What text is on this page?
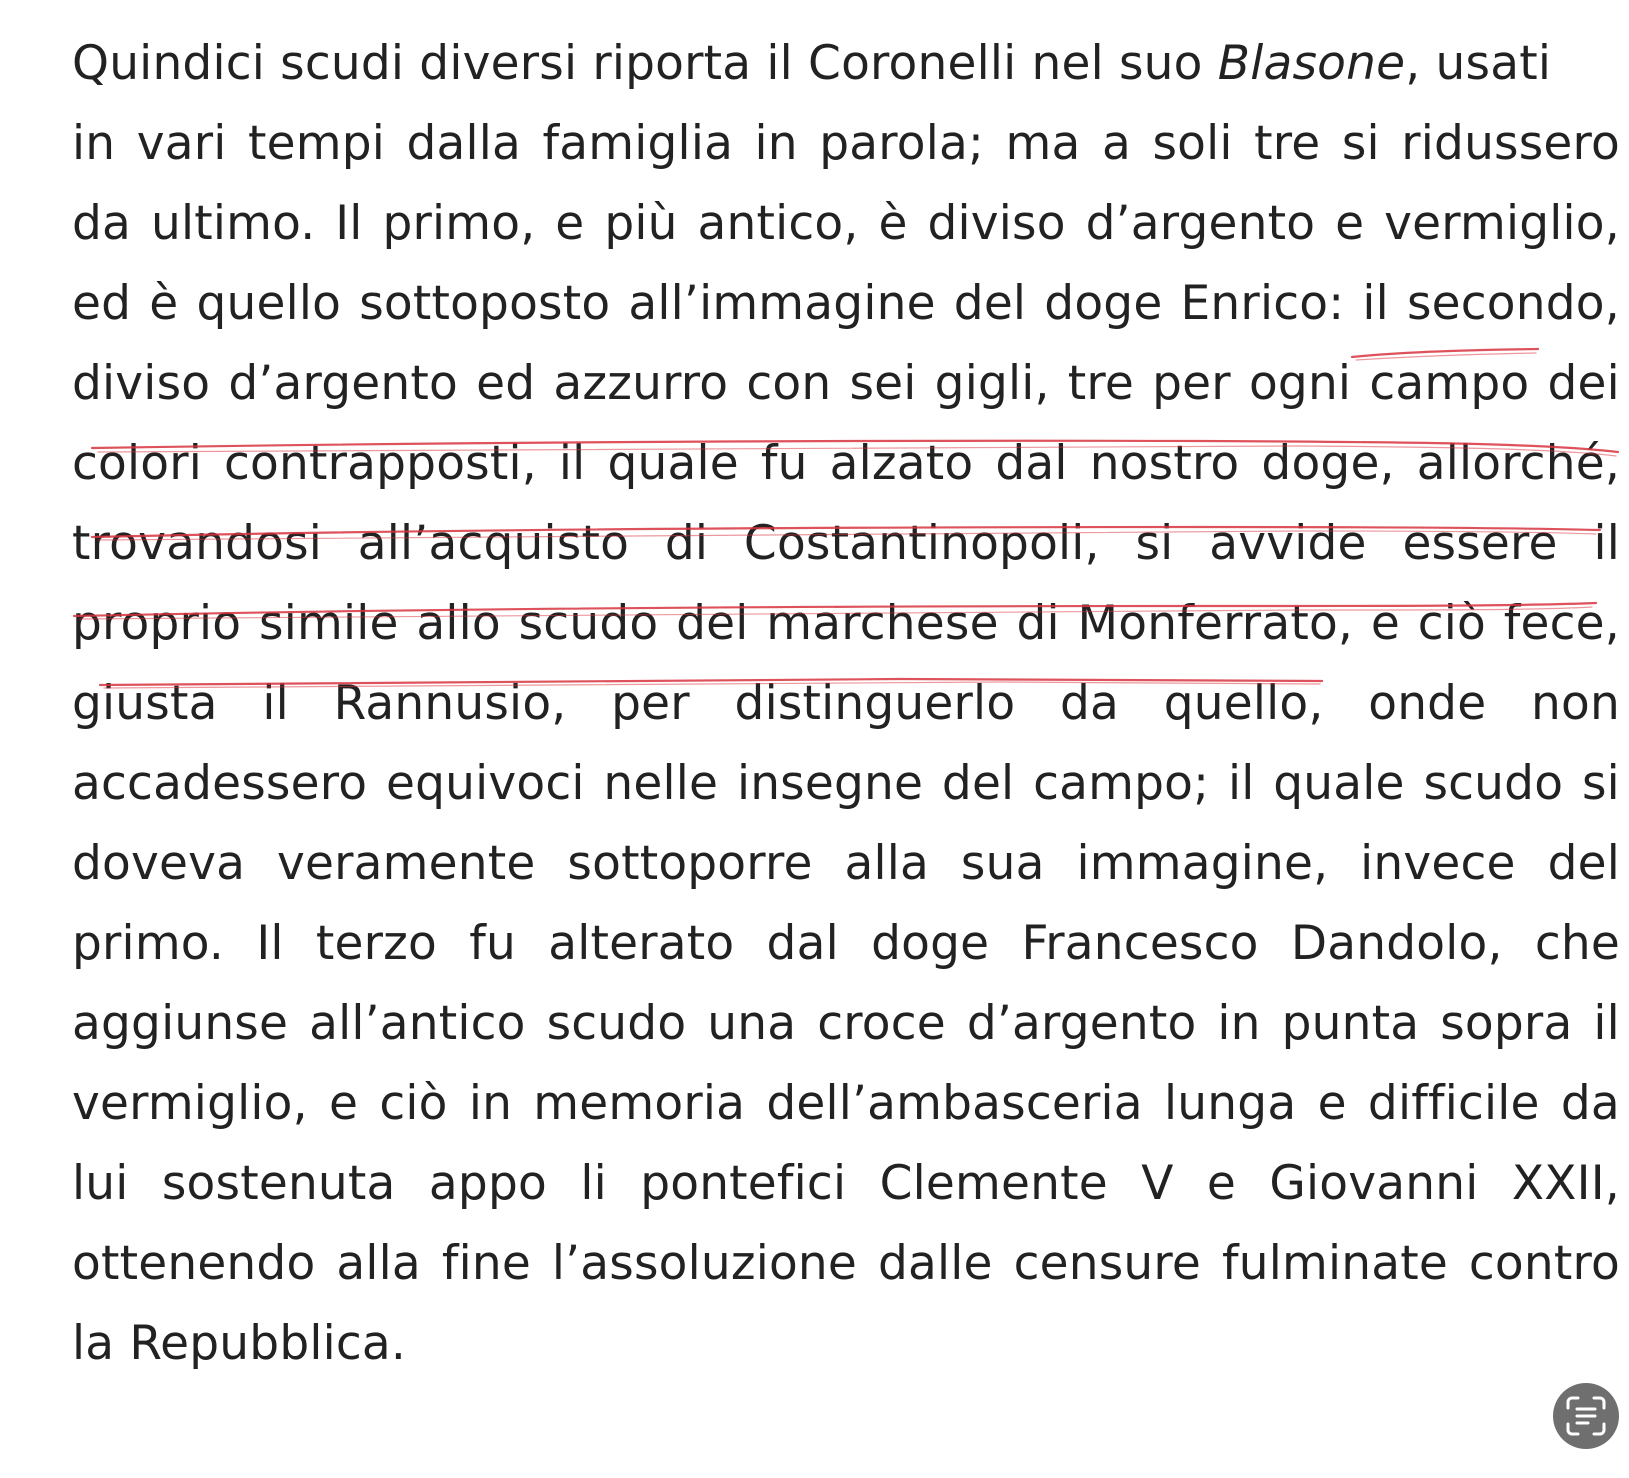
Quindici scudi diversi riporta il Coronelli nel suo Blasone, usati
in vari tempi dalla famiglia in parola; ma a soli tre si ridussero
da ultimo. Il primo, e più antico, è diviso d’argento e vermiglio,
ed è quello sottoposto all’immagine del doge Enrico: il secondo,
diviso d’argento ed azzurro con sei gigli, tre per ogni campo dei
colori contrapposti, il quale fu alzato dal nostro doge, allorché,
trovandosi all’acquisto di Costantinopoli, si avvide essere il
proprio simile allo scudo del marchese di Monferrato, e ciò fece,
giusta il Rannusio, per distinguerlo da quello, onde non
accadessero equivoci nelle insegne del campo; il quale scudo si
doveva veramente sottoporre alla sua immagine, invece del
primo. Il terzo fu alterato dal doge Francesco Dandolo, che
aggiunse all’antico scudo una croce d’argento in punta sopra il
vermiglio, e ciò in memoria dell’ambasceria lunga e difficile da
lui sostenuta appo li pontefici Clemente V e Giovanni XXII,
ottenendo alla fine l’assoluzione dalle censure fulminate contro
la Repubblica.
